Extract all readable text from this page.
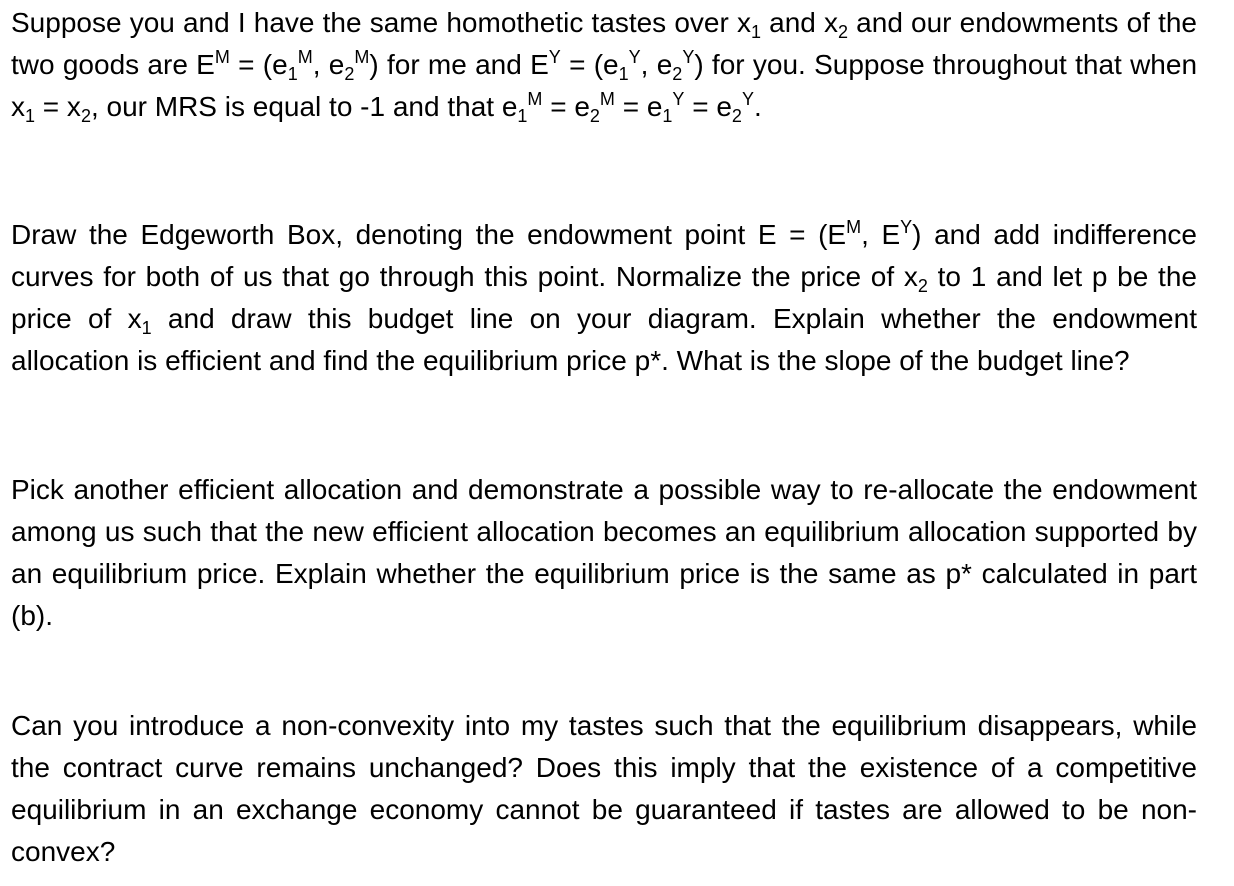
Suppose you and I have the same homothetic tastes over $x_1$ and $x_2$ and our endowments of the two goods are $E^M = (e_1^M$, $e_2^M$) for me and $E^Y = (e_1^Y$, $e_2^Y$) for you. Suppose throughout that when $x_1 = x_2$, our MRS is equal to -1 and that $e_1^M = e_2^M = e_1^Y = e_2^Y$.

Draw the Edgeworth Box, denoting the endowment point $E = (E^M$, $E^Y$) and add indifference curves for both of us that go through this point. Normalize the price of $x_2$ to 1 and let p be the price of $x_1$ and draw this budget line on your diagram. Explain whether the endowment allocation is efficient and find the equilibrium price p*. What is the slope of the budget line?

Pick another efficient allocation and demonstrate a possible way to re-allocate the endowment among us such that the new efficient allocation becomes an equilibrium allocation supported by an equilibrium price. Explain whether the equilibrium price is the same as p* calculated in part (b).

Can you introduce a non-convexity into my tastes such that the equilibrium disappears, while the contract curve remains unchanged? Does this imply that the existence of a competitive equilibrium in an exchange economy cannot be guaranteed if tastes are allowed to be non-convex?
